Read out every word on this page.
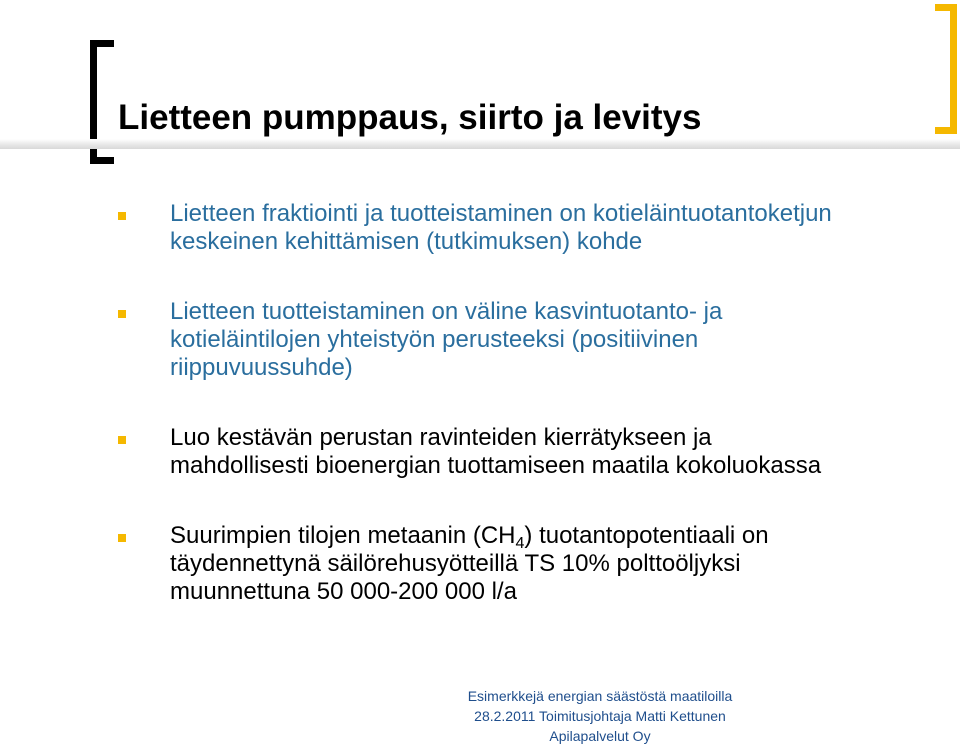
Lietteen pumppaus, siirto ja levitys
Lietteen fraktiointi ja tuotteistaminen on kotieläintuotantoketjun
keskeinen kehittämisen (tutkimuksen) kohde
Lietteen tuotteistaminen on väline kasvintuotanto- ja
kotieläintilojen yhteistyön perusteeksi (positiivinen
riippuvuussuhde)
Luo kestävän perustan ravinteiden kierrätykseen ja
mahdollisesti bioenergian tuottamiseen maatila kokoluokassa
Suurimpien tilojen metaanin $(CH_4)$ tuotantopotentiaali on
täydennettynä säilörehusyötteillä TS 10% polttoöljyksi
muunnettuna 50 000-200 000 l/a
Esimerkkejä energian säästöstä maatiloilla
28.2.2011 Toimitusjohtaja Matti Kettunen
Apilapalvelut Oy
